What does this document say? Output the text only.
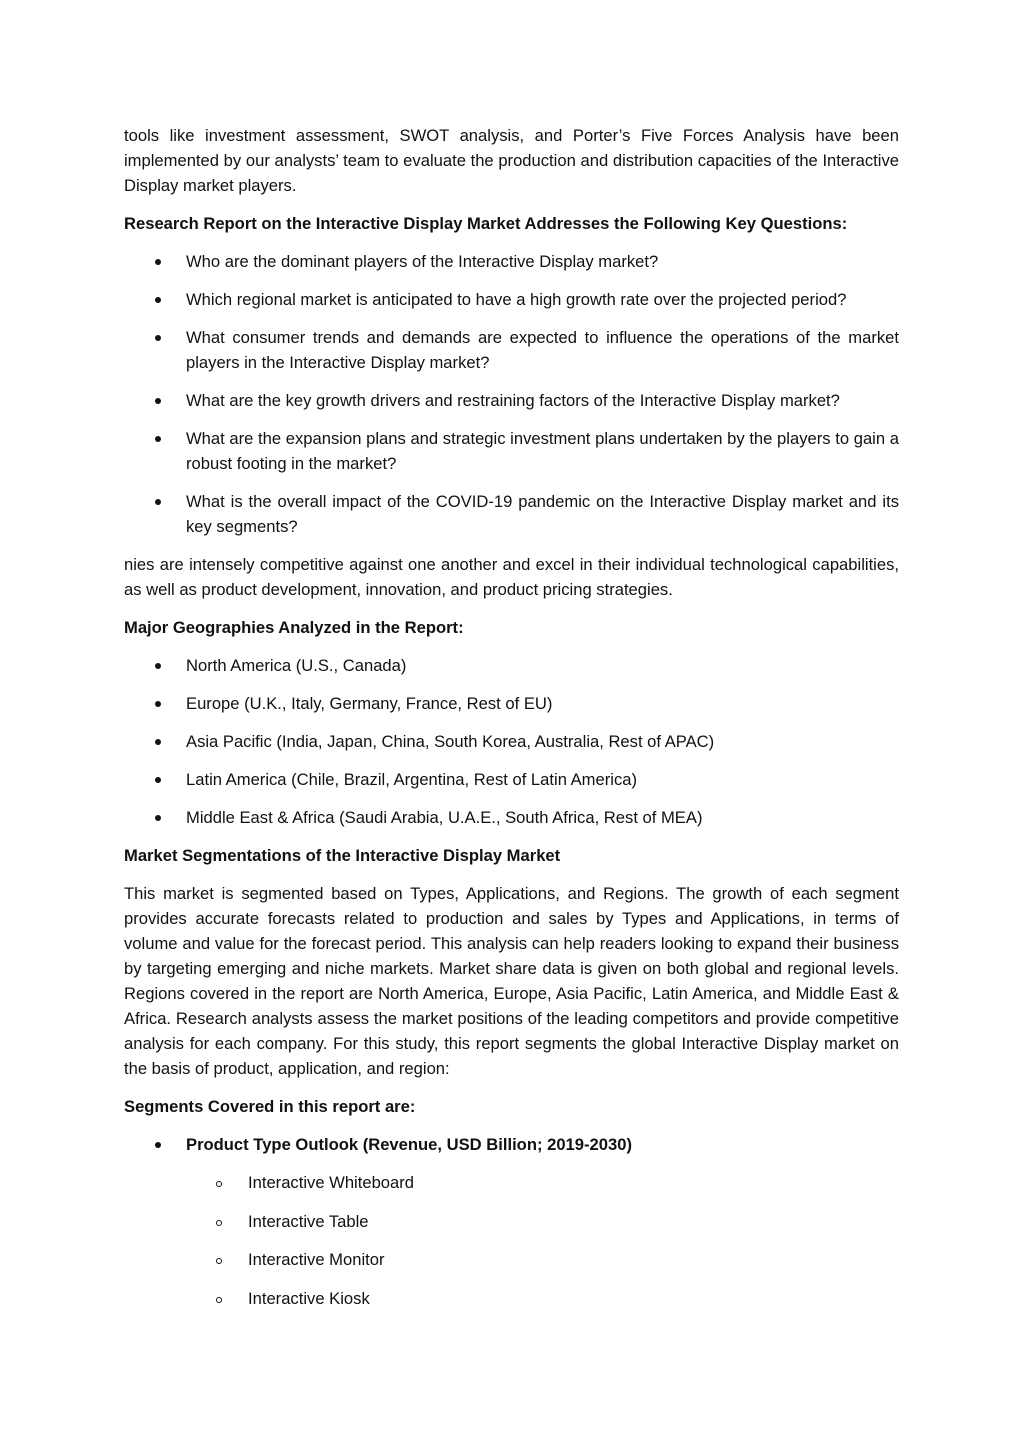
tools like investment assessment, SWOT analysis, and Porter’s Five Forces Analysis have been implemented by our analysts’ team to evaluate the production and distribution capacities of the Interactive Display market players.

Research Report on the Interactive Display Market Addresses the Following Key Questions:

Who are the dominant players of the Interactive Display market?
Which regional market is anticipated to have a high growth rate over the projected period?
What consumer trends and demands are expected to influence the operations of the market players in the Interactive Display market?
What are the key growth drivers and restraining factors of the Interactive Display market?
What are the expansion plans and strategic investment plans undertaken by the players to gain a robust footing in the market?
What is the overall impact of the COVID-19 pandemic on the Interactive Display market and its key segments?

nies are intensely competitive against one another and excel in their individual technological capabilities, as well as product development, innovation, and product pricing strategies.

Major Geographies Analyzed in the Report:

North America (U.S., Canada)
Europe (U.K., Italy, Germany, France, Rest of EU)
Asia Pacific (India, Japan, China, South Korea, Australia, Rest of APAC)
Latin America (Chile, Brazil, Argentina, Rest of Latin America)
Middle East & Africa (Saudi Arabia, U.A.E., South Africa, Rest of MEA)

Market Segmentations of the Interactive Display Market

This market is segmented based on Types, Applications, and Regions. The growth of each segment provides accurate forecasts related to production and sales by Types and Applications, in terms of volume and value for the forecast period. This analysis can help readers looking to expand their business by targeting emerging and niche markets. Market share data is given on both global and regional levels. Regions covered in the report are North America, Europe, Asia Pacific, Latin America, and Middle East & Africa. Research analysts assess the market positions of the leading competitors and provide competitive analysis for each company. For this study, this report segments the global Interactive Display market on the basis of product, application, and region:

Segments Covered in this report are:

Product Type Outlook (Revenue, USD Billion; 2019-2030)
Interactive Whiteboard
Interactive Table
Interactive Monitor
Interactive Kiosk
